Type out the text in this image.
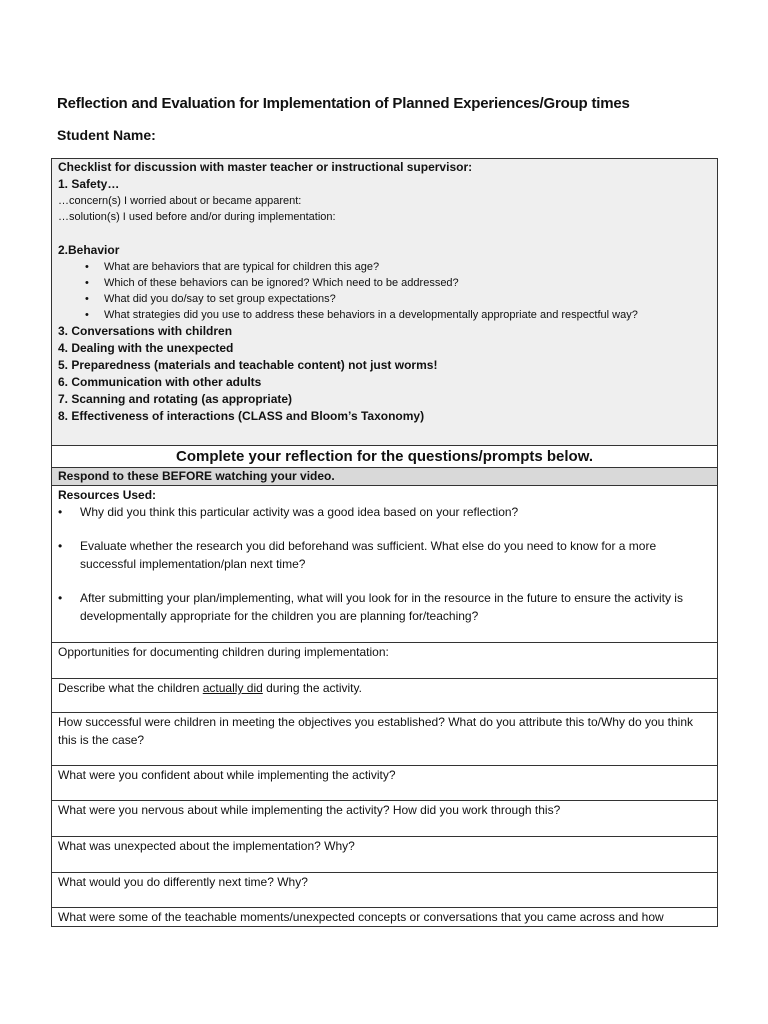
Reflection and Evaluation for Implementation of Planned Experiences/Group times
Student Name:
Checklist for discussion with master teacher or instructional supervisor:
1. Safety…
…concern(s) I worried about or became apparent:
…solution(s) I used before and/or during implementation:
2.Behavior
• What are behaviors that are typical for children this age?
• Which of these behaviors can be ignored? Which need to be addressed?
• What did you do/say to set group expectations?
• What strategies did you use to address these behaviors in a developmentally appropriate and respectful way?
3. Conversations with children
4. Dealing with the unexpected
5. Preparedness (materials and teachable content) not just worms!
6. Communication with other adults
7. Scanning and rotating (as appropriate)
8. Effectiveness of interactions (CLASS and Bloom’s Taxonomy)

Complete your reflection for the questions/prompts below.
Respond to these BEFORE watching your video.

Resources Used:
• Why did you think this particular activity was a good idea based on your reflection?
• Evaluate whether the research you did beforehand was sufficient. What else do you need to know for a more successful implementation/plan next time?
• After submitting your plan/implementing, what will you look for in the resource in the future to ensure the activity is developmentally appropriate for the children you are planning for/teaching?

Opportunities for documenting children during implementation:
Describe what the children actually did during the activity.
How successful were children in meeting the objectives you established? What do you attribute this to/Why do you think this is the case?
What were you confident about while implementing the activity?
What were you nervous about while implementing the activity? How did you work through this?
What was unexpected about the implementation? Why?
What would you do differently next time? Why?
What were some of the teachable moments/unexpected concepts or conversations that you came across and how
